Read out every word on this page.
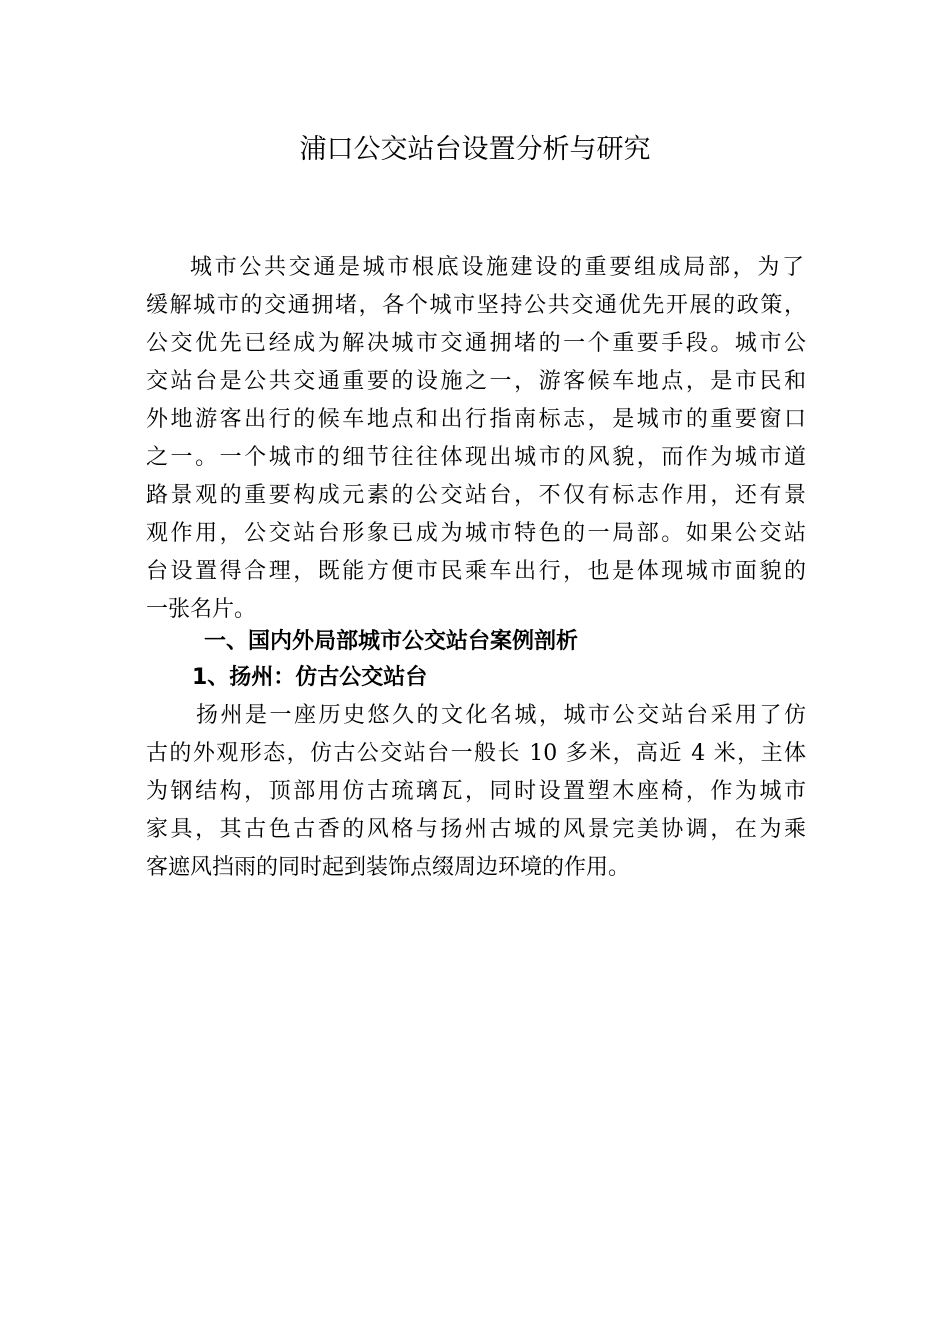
浦口公交站台设置分析与研究
城市公共交通是城市根底设施建设的重要组成局部，为了
缓解城市的交通拥堵，各个城市坚持公共交通优先开展的政策，
公交优先已经成为解决城市交通拥堵的一个重要手段。城市公
交站台是公共交通重要的设施之一，游客候车地点，是市民和
外地游客出行的候车地点和出行指南标志，是城市的重要窗口
之一。一个城市的细节往往体现出城市的风貌，而作为城市道
路景观的重要构成元素的公交站台，不仅有标志作用，还有景
观作用，公交站台形象已成为城市特色的一局部。如果公交站
台设置得合理，既能方便市民乘车出行，也是体现城市面貌的
一张名片。
一、国内外局部城市公交站台案例剖析
1、扬州：仿古公交站台
扬州是一座历史悠久的文化名城，城市公交站台采用了仿
古的外观形态，仿古公交站台一般长 10 多米，高近 4 米，主体
为钢结构，顶部用仿古琉璃瓦，同时设置塑木座椅，作为城市
家具，其古色古香的风格与扬州古城的风景完美协调，在为乘
客遮风挡雨的同时起到装饰点缀周边环境的作用。
